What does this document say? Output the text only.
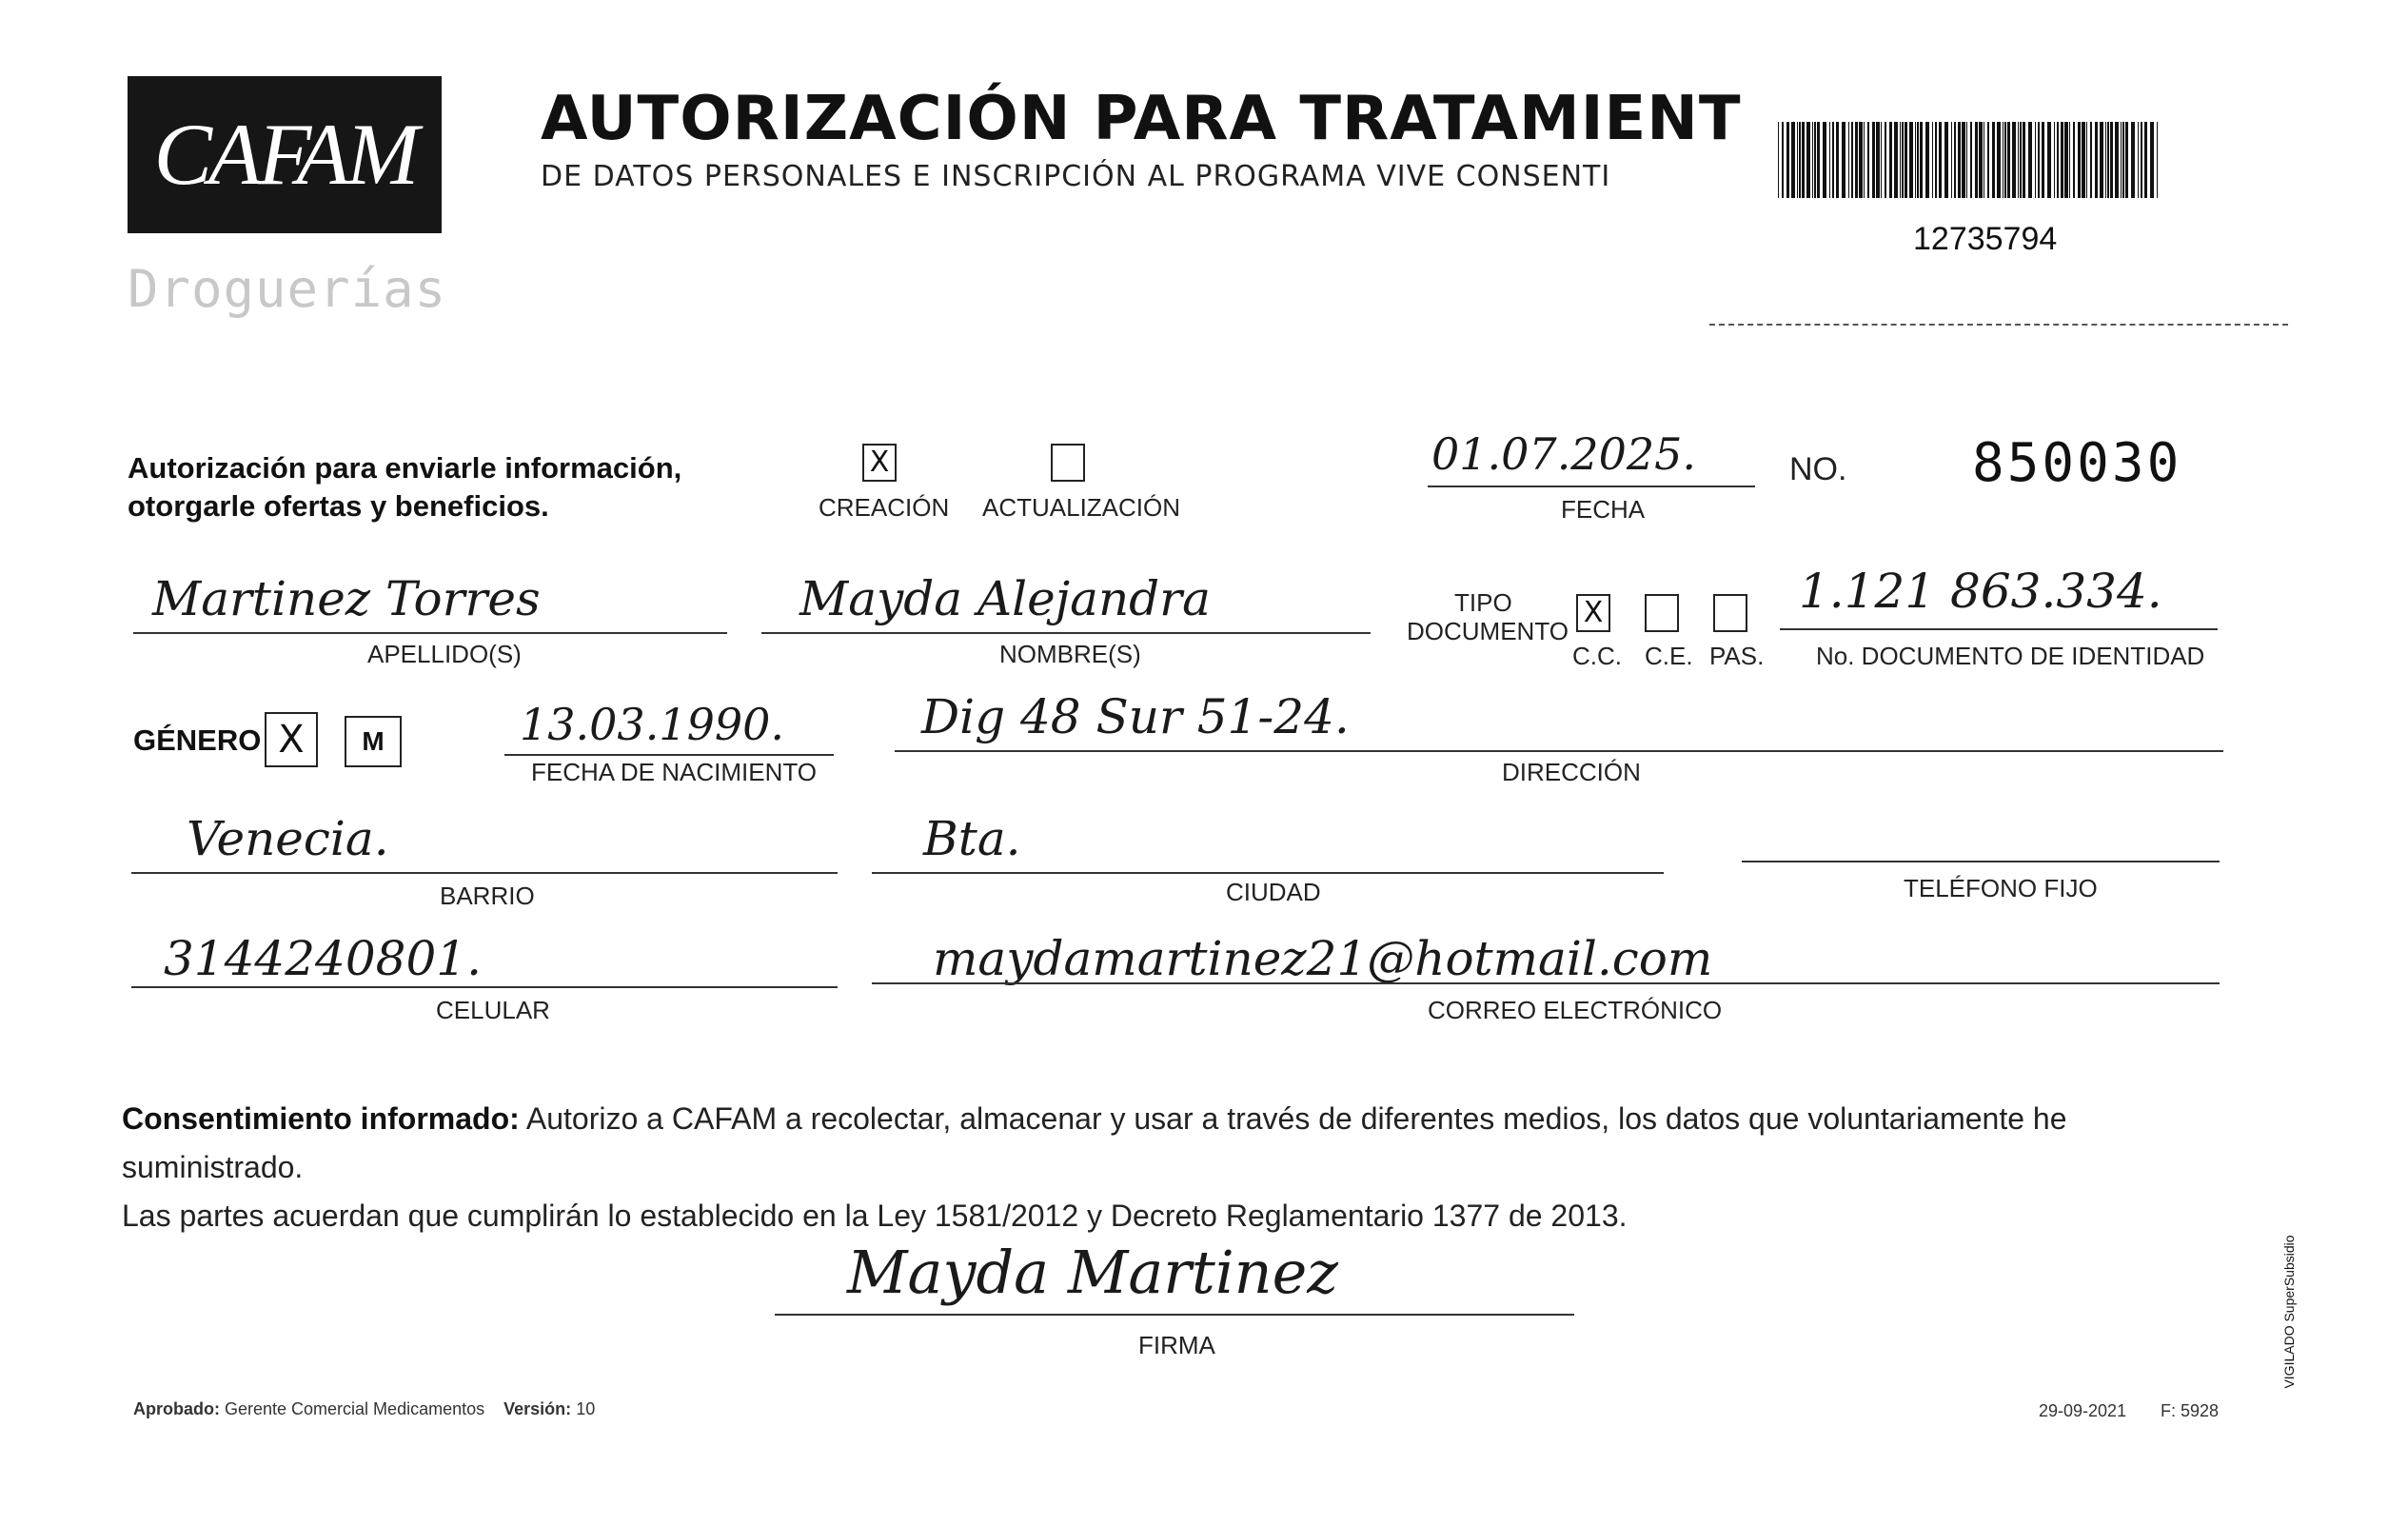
CAFAM
Droguerías
AUTORIZACIÓN PARA TRATAMIENT
DE DATOS PERSONALES E INSCRIPCIÓN AL PROGRAMA VIVE CONSENTI
12735794
Autorización para enviarle información,
otorgarle ofertas y beneficios.
X
CREACIÓN ACTUALIZACIÓN
01.07.2025.
FECHA
NO. 850030
Martinez Torres
APELLIDO(S)
Mayda Alejandra
NOMBRE(S)
TIPO
DOCUMENTO
X
C.C. C.E. PAS.
1.121 863.334.
No. DOCUMENTO DE IDENTIDAD
GÉNERO X	M	13.03.1990.
FECHA DE NACIMIENTO
Dig 48 Sur 51-24.
DIRECCIÓN
Venecia.
BARRIO
Bta.
CIUDAD	TELÉFONO FIJO
3144240801.
CELULAR
maydamartinez21@hotmail.com
CORREO ELECTRÓNICO
Consentimiento informado: Autorizo a CAFAM a recolectar, almacenar y usar a través de diferentes medios, los datos que voluntariamente he suministrado.
Las partes acuerdan que cumplirán lo establecido en la Ley 1581/2012 y Decreto Reglamentario 1377 de 2013.
Mayda Martinez
FIRMA
Aprobado: Gerente Comercial Medicamentos Versión: 10	29-09-2021 F: 5928
VIGILADO SuperSubsidio
